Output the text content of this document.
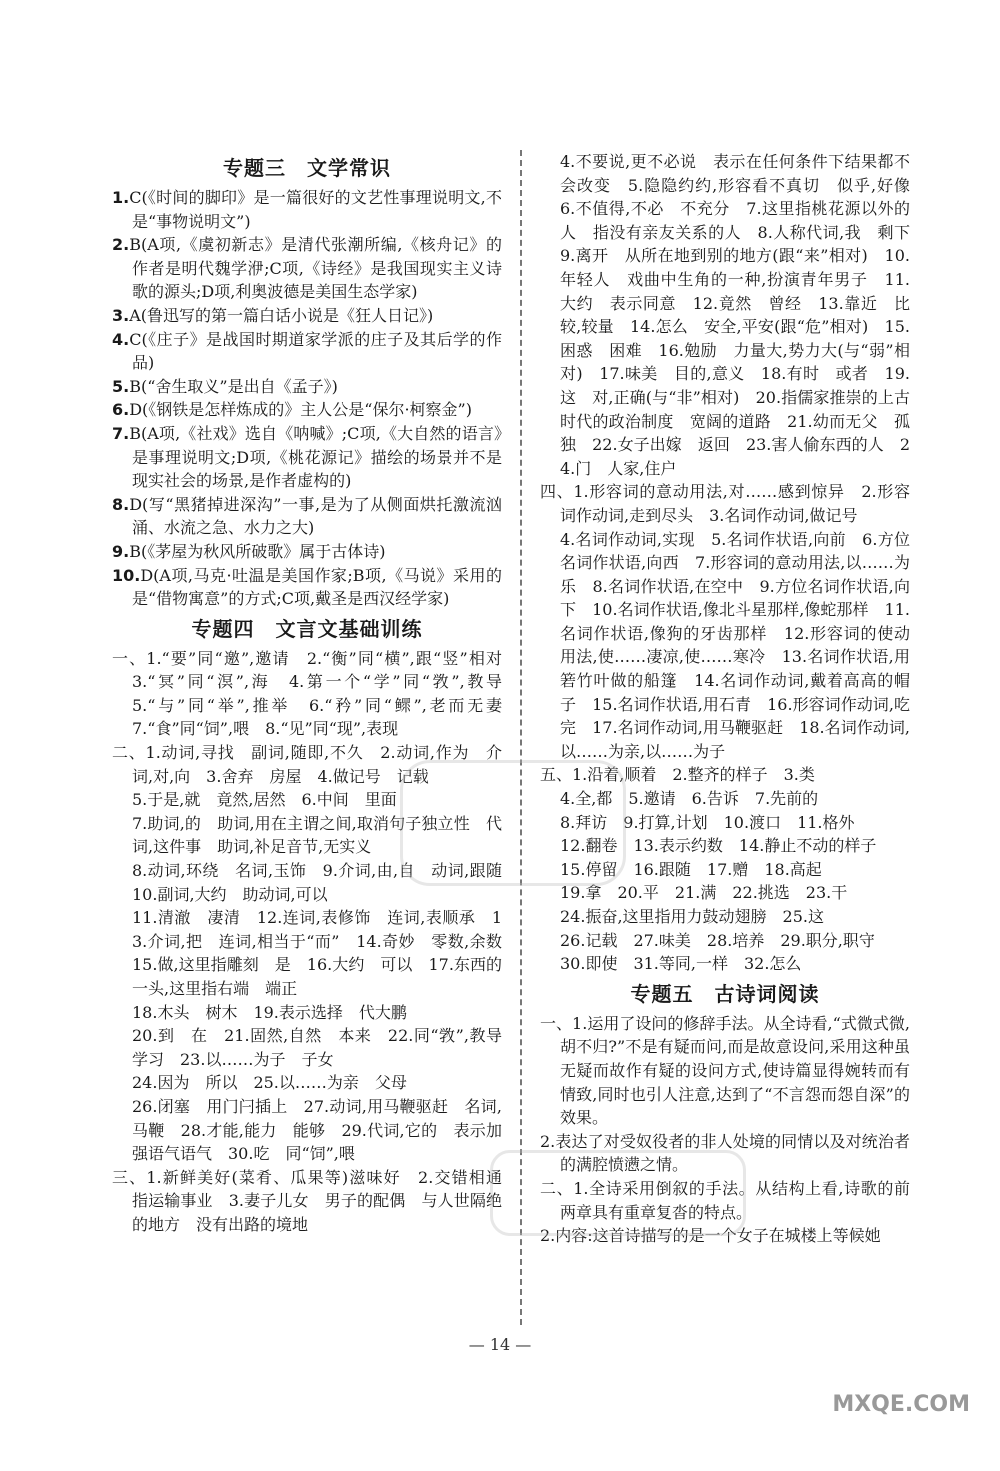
专题三　文学常识

1.C(《时间的脚印》是一篇很好的文艺性事理说明文,不是“事物说明文”)

2.B(A项,《虞初新志》是清代张潮所编,《核舟记》的作者是明代魏学洢;C项,《诗经》是我国现实主义诗歌的源头;D项,利奥波德是美国生态学家)

3.A(鲁迅写的第一篇白话小说是《狂人日记》)

4.C(《庄子》是战国时期道家学派的庄子及其后学的作品)

5.B(“舍生取义”是出自《孟子》)

6.D(《钢铁是怎样炼成的》主人公是“保尔·柯察金”)

7.B(A项,《社戏》选自《呐喊》;C项,《大自然的语言》是事理说明文;D项,《桃花源记》描绘的场景并不是现实社会的场景,是作者虚构的)

8.D(写“黑猪掉进深沟”一事,是为了从侧面烘托激流汹涌、水流之急、水力之大)

9.B(《茅屋为秋风所破歌》属于古体诗)

10.D(A项,马克·吐温是美国作家;B项,《马说》采用的是“借物寓意”的方式;C项,戴圣是西汉经学家)

专题四　文言文基础训练

一、1.“要”同“邀”,邀请　2.“衡”同“横”,跟“竖”相对　3.“冥”同“溟”,海　4.第一个“学”同“敩”,教导　5.“与”同“举”,推举　6.“矜”同“鳏”,老而无妻　7.“食”同“饲”,喂　8.“见”同“现”,表现

二、1.动词,寻找　副词,随即,不久　2.动词,作为　介词,对,向　3.舍弃　房屋　4.做记号　记载

5.于是,就　竟然,居然　6.中间　里面

7.助词,的　助词,用在主谓之间,取消句子独立性　代词,这件事　助词,补足音节,无实义

8.动词,环绕　名词,玉饰　9.介词,由,自　动词,跟随　10.副词,大约　助动词,可以

11.清澈　凄清　12.连词,表修饰　连词,表顺承　13.介词,把　连词,相当于“而”　14.奇妙　零数,余数　15.做,这里指雕刻　是　16.大约　可以　17.东西的一头,这里指右端　端正

18.木头　树木　19.表示选择　代大鹏

20.到　在　21.固然,自然　本来　22.同“敩”,教导　学习　23.以……为子　子女

24.因为　所以　25.以……为亲　父母

26.闭塞　用门闩插上　27.动词,用马鞭驱赶　名词,马鞭　28.才能,能力　能够　29.代词,它的　表示加强语气语气　30.吃　同“饲”,喂

三、1.新鲜美好(菜肴、瓜果等)滋味好　2.交错相通　指运输事业　3.妻子儿女　男子的配偶　与人世隔绝的地方　没有出路的境地

4.不要说,更不必说　表示在任何条件下结果都不会改变　5.隐隐约约,形容看不真切　似乎,好像　6.不值得,不必　不充分　7.这里指桃花源以外的人　指没有亲友关系的人　8.人称代词,我　剩下　9.离开　从所在地到别的地方(跟“来”相对)　10.年轻人　戏曲中生角的一种,扮演青年男子　11.大约　表示同意　12.竟然　曾经　13.靠近　比较,较量　14.怎么　安全,平安(跟“危”相对)　15.困惑　困难　16.勉励　力量大,势力大(与“弱”相对)　17.味美　目的,意义　18.有时　或者　19.这　对,正确(与“非”相对)　20.指儒家推崇的上古时代的政治制度　宽阔的道路　21.幼而无父　孤独　22.女子出嫁　返回　23.害人偷东西的人　24.门　人家,住户

四、1.形容词的意动用法,对……感到惊异　2.形容词作动词,走到尽头　3.名词作动词,做记号

4.名词作动词,实现　5.名词作状语,向前　6.方位名词作状语,向西　7.形容词的意动用法,以……为乐　8.名词作状语,在空中　9.方位名词作状语,向下　10.名词作状语,像北斗星那样,像蛇那样　11.名词作状语,像狗的牙齿那样　12.形容词的使动用法,使……凄凉,使……寒冷　13.名词作状语,用箬竹叶做的船篷　14.名词作动词,戴着高高的帽子　15.名词作状语,用石青　16.形容词作动词,吃完　17.名词作动词,用马鞭驱赶　18.名词作动词,以……为亲,以……为子

五、1.沿着,顺着　2.整齐的样子　3.类

4.全,都　5.邀请　6.告诉　7.先前的

8.拜访　9.打算,计划　10.渡口　11.格外

12.翻卷　13.表示约数　14.静止不动的样子

15.停留　16.跟随　17.赠　18.高起

19.拿　20.平　21.满　22.挑选　23.干

24.振奋,这里指用力鼓动翅膀　25.这

26.记载　27.味美　28.培养　29.职分,职守

30.即使　31.等同,一样　32.怎么

专题五　古诗词阅读

一、1.运用了设问的修辞手法。从全诗看,“式微式微,胡不归?”不是有疑而问,而是故意设问,采用这种虽无疑而故作有疑的设问方式,使诗篇显得婉转而有情致,同时也引人注意,达到了“不言怨而怨自深”的效果。

2.表达了对受奴役者的非人处境的同情以及对统治者的满腔愤懑之情。

二、1.全诗采用倒叙的手法。从结构上看,诗歌的前两章具有重章复沓的特点。

2.内容:这首诗描写的是一个女子在城楼上等候她

— 14 —
MXQE.COM
